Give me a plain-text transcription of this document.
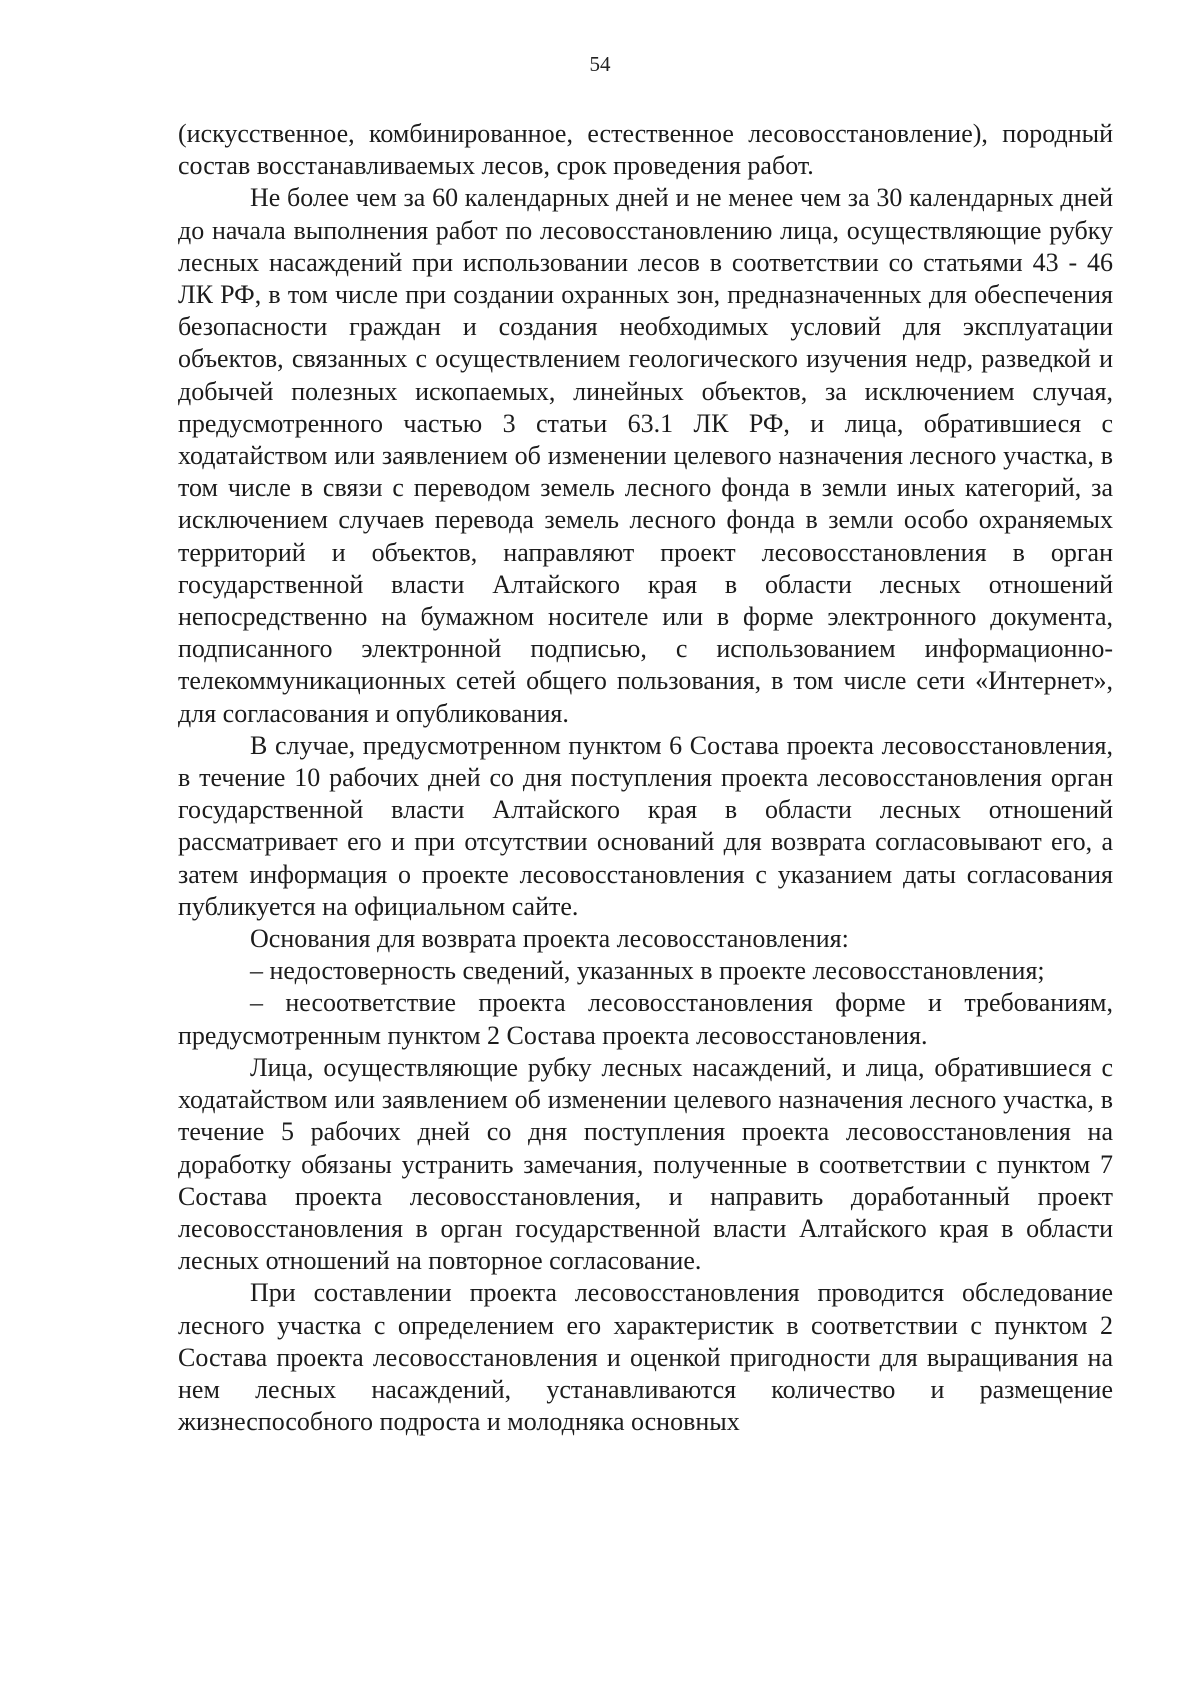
54

(искусственное, комбинированное, естественное лесовосстановление), породный состав восстанавливаемых лесов, срок проведения работ.

Не более чем за 60 календарных дней и не менее чем за 30 календарных дней до начала выполнения работ по лесовосстановлению лица, осуществляющие рубку лесных насаждений при использовании лесов в соответствии со статьями 43 - 46 ЛК РФ, в том числе при создании охранных зон, предназначенных для обеспечения безопасности граждан и создания необходимых условий для эксплуатации объектов, связанных с осуществлением геологического изучения недр, разведкой и добычей полезных ископаемых, линейных объектов, за исключением случая, предусмотренного частью 3 статьи 63.1 ЛК РФ, и лица, обратившиеся с ходатайством или заявлением об изменении целевого назначения лесного участка, в том числе в связи с переводом земель лесного фонда в земли иных категорий, за исключением случаев перевода земель лесного фонда в земли особо охраняемых территорий и объектов, направляют проект лесовосстановления в орган государственной власти Алтайского края в области лесных отношений непосредственно на бумажном носителе или в форме электронного документа, подписанного электронной подписью, с использованием информационно-телекоммуникационных сетей общего пользования, в том числе сети «Интернет», для согласования и опубликования.

В случае, предусмотренном пунктом 6 Состава проекта лесовосстановления, в течение 10 рабочих дней со дня поступления проекта лесовосстановления орган государственной власти Алтайского края в области лесных отношений рассматривает его и при отсутствии оснований для возврата согласовывают его, а затем информация о проекте лесовосстановления с указанием даты согласования публикуется на официальном сайте.

Основания для возврата проекта лесовосстановления:

– недостоверность сведений, указанных в проекте лесовосстановления;

– несоответствие проекта лесовосстановления форме и требованиям, предусмотренным пунктом 2 Состава проекта лесовосстановления.

Лица, осуществляющие рубку лесных насаждений, и лица, обратившиеся с ходатайством или заявлением об изменении целевого назначения лесного участка, в течение 5 рабочих дней со дня поступления проекта лесовосстановления на доработку обязаны устранить замечания, полученные в соответствии с пунктом 7 Состава проекта лесовосстановления, и направить доработанный проект лесовосстановления в орган государственной власти Алтайского края в области лесных отношений на повторное согласование.

При составлении проекта лесовосстановления проводится обследование лесного участка с определением его характеристик в соответствии с пунктом 2 Состава проекта лесовосстановления и оценкой пригодности для выращивания на нем лесных насаждений, устанавливаются количество и размещение жизнеспособного подроста и молодняка основных
